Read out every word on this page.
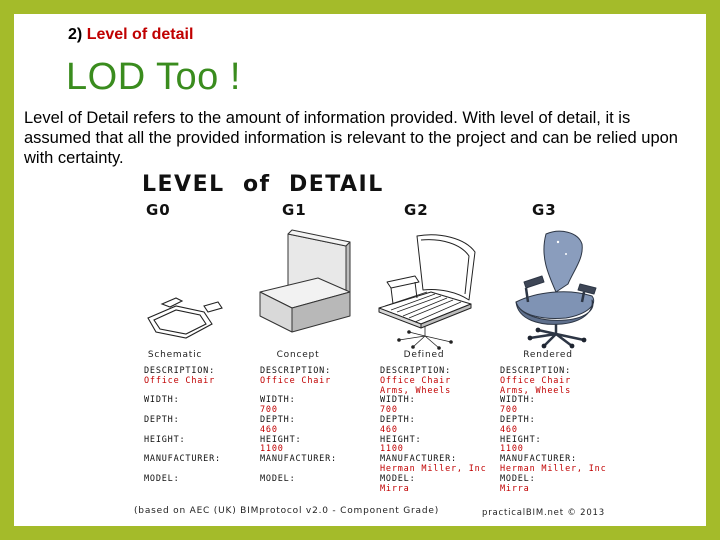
2) Level of detail
LOD Too !
Level of Detail refers to the amount of information provided. With level of detail, it is assumed that all the provided information is relevant to the project and can be relied upon with certainty.
LEVEL  of  DETAIL
G0	G1	G2	G3
Schematic	Concept	Defined	Rendered
DESCRIPTION:
Office Chair

WIDTH:

DEPTH:

HEIGHT:

MANUFACTURER:

MODEL:

DESCRIPTION:
Office Chair

WIDTH:
700
DEPTH:
460
HEIGHT:
1100
MANUFACTURER:

MODEL:

DESCRIPTION:
Office Chair
Arms, Wheels
WIDTH:
700
DEPTH:
460
HEIGHT:
1100
MANUFACTURER:
Herman Miller, Inc
MODEL:
Mirra
DESCRIPTION:
Office Chair
Arms, Wheels
WIDTH:
700
DEPTH:
460
HEIGHT:
1100
MANUFACTURER:
Herman Miller, Inc
MODEL:
Mirra
(based on AEC (UK) BIMprotocol v2.0 - Component Grade)	practicalBIM.net © 2013
